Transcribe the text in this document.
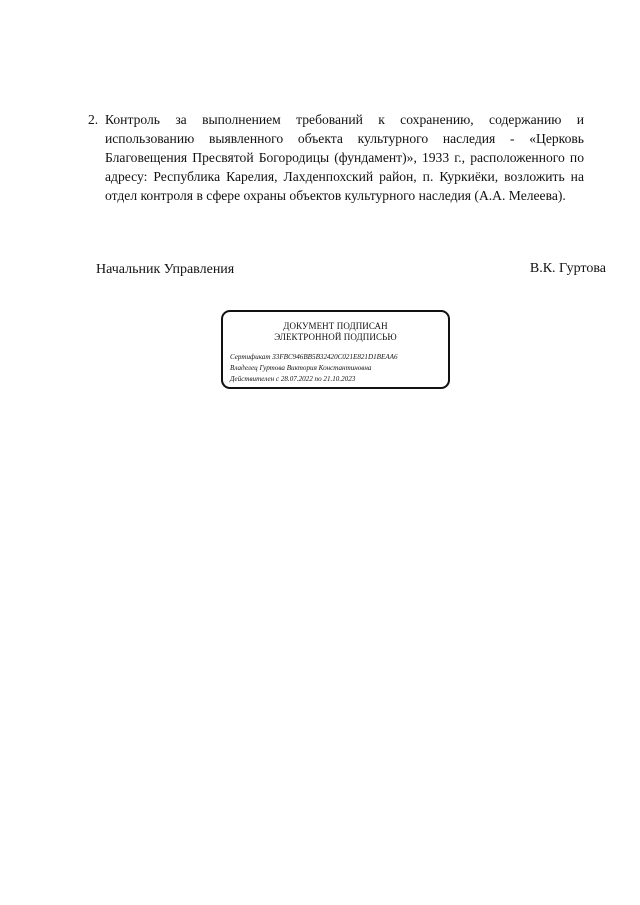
2. Контроль за выполнением требований к сохранению, содержанию и использованию выявленного объекта культурного наследия - «Церковь Благовещения Пресвятой Богородицы (фундамент)», 1933 г., расположенного по адресу: Республика Карелия, Лахденпохский район, п. Куркиёки, возложить на отдел контроля в сфере охраны объектов культурного наследия (А.А. Мелеева).
Начальник Управления	В.К. Гуртова
ДОКУМЕНТ ПОДПИСАН
ЭЛЕКТРОННОЙ ПОДПИСЬЮ
Сертификат 33FBC946BB5B32420C021E821D1BEAA6
Владелец Гуртова Виктория Константиновна
Действителен с 28.07.2022 по 21.10.2023
